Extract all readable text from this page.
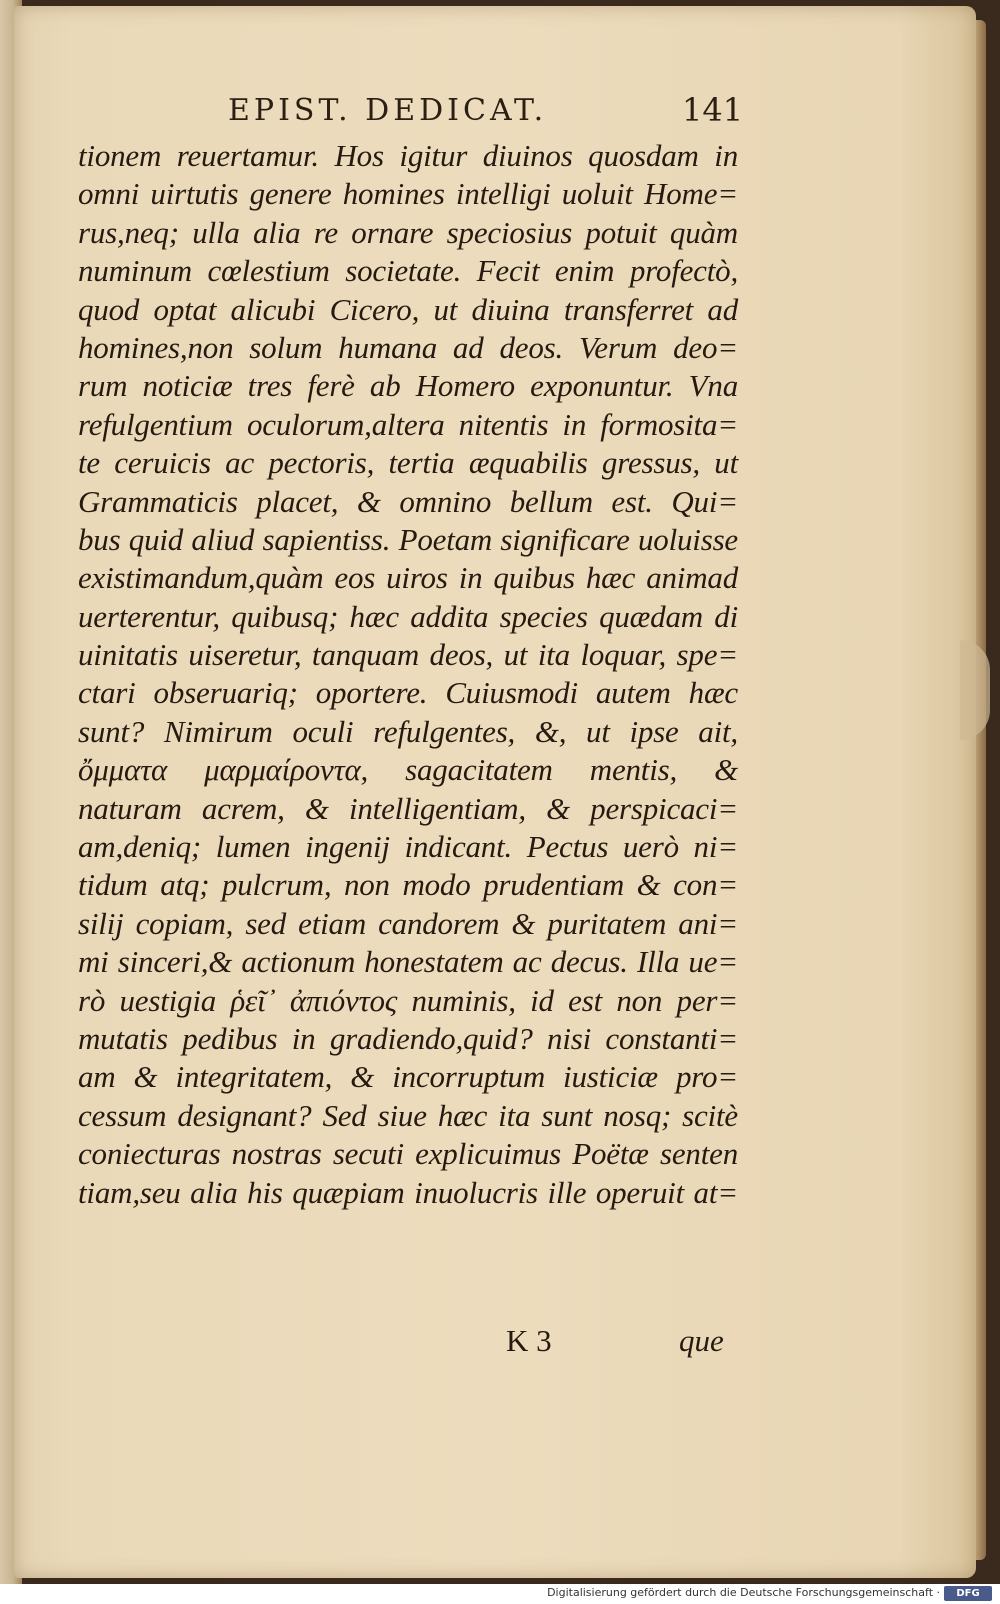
EPIST. DEDICAT.	141
tionem reuertamur. Hos igitur diuinos quosdam in
omni uirtutis genere homines intelligi uoluit Home=
rus,neq; ulla alia re ornare speciosius potuit quàm
numinum cœlestium societate. Fecit enim profectò,
quod optat alicubi Cicero, ut diuina transferret ad
homines,non solum humana ad deos. Verum deo=
rum noticiæ tres ferè ab Homero exponuntur. Vna
refulgentium oculorum,altera nitentis in formosita=
te ceruicis ac pectoris, tertia æquabilis gressus, ut
Grammaticis placet, & omnino bellum est. Qui=
bus quid aliud sapientiss. Poetam significare uoluisse
existimandum,quàm eos uiros in quibus hæc animad
uerterentur, quibusq; hæc addita species quædam di
uinitatis uiseretur, tanquam deos, ut ita loquar, spe=
ctari obseruariq; oportere. Cuiusmodi autem hæc
sunt? Nimirum oculi refulgentes, &, ut ipse ait,
ὄμματα μαρμαίροντα, sagacitatem mentis, &
naturam acrem, & intelligentiam, & perspicaci=
am,deniq; lumen ingenij indicant. Pectus uerò ni=
tidum atq; pulcrum, non modo prudentiam & con=
silij copiam, sed etiam candorem & puritatem ani=
mi sinceri,& actionum honestatem ac decus. Illa ue=
rò uestigia ῥεῖ᾽ ἀπιόντος numinis, id est non per=
mutatis pedibus in gradiendo,quid? nisi constanti=
am & integritatem, & incorruptum iusticiæ pro=
cessum designant? Sed siue hæc ita sunt nosq; scitè
coniecturas nostras secuti explicuimus Poëtæ senten
tiam,seu alia his quæpiam inuolucris ille operuit at=
K 3	que
Digitalisierung gefördert durch die Deutsche Forschungsgemeinschaft ·	DFG
